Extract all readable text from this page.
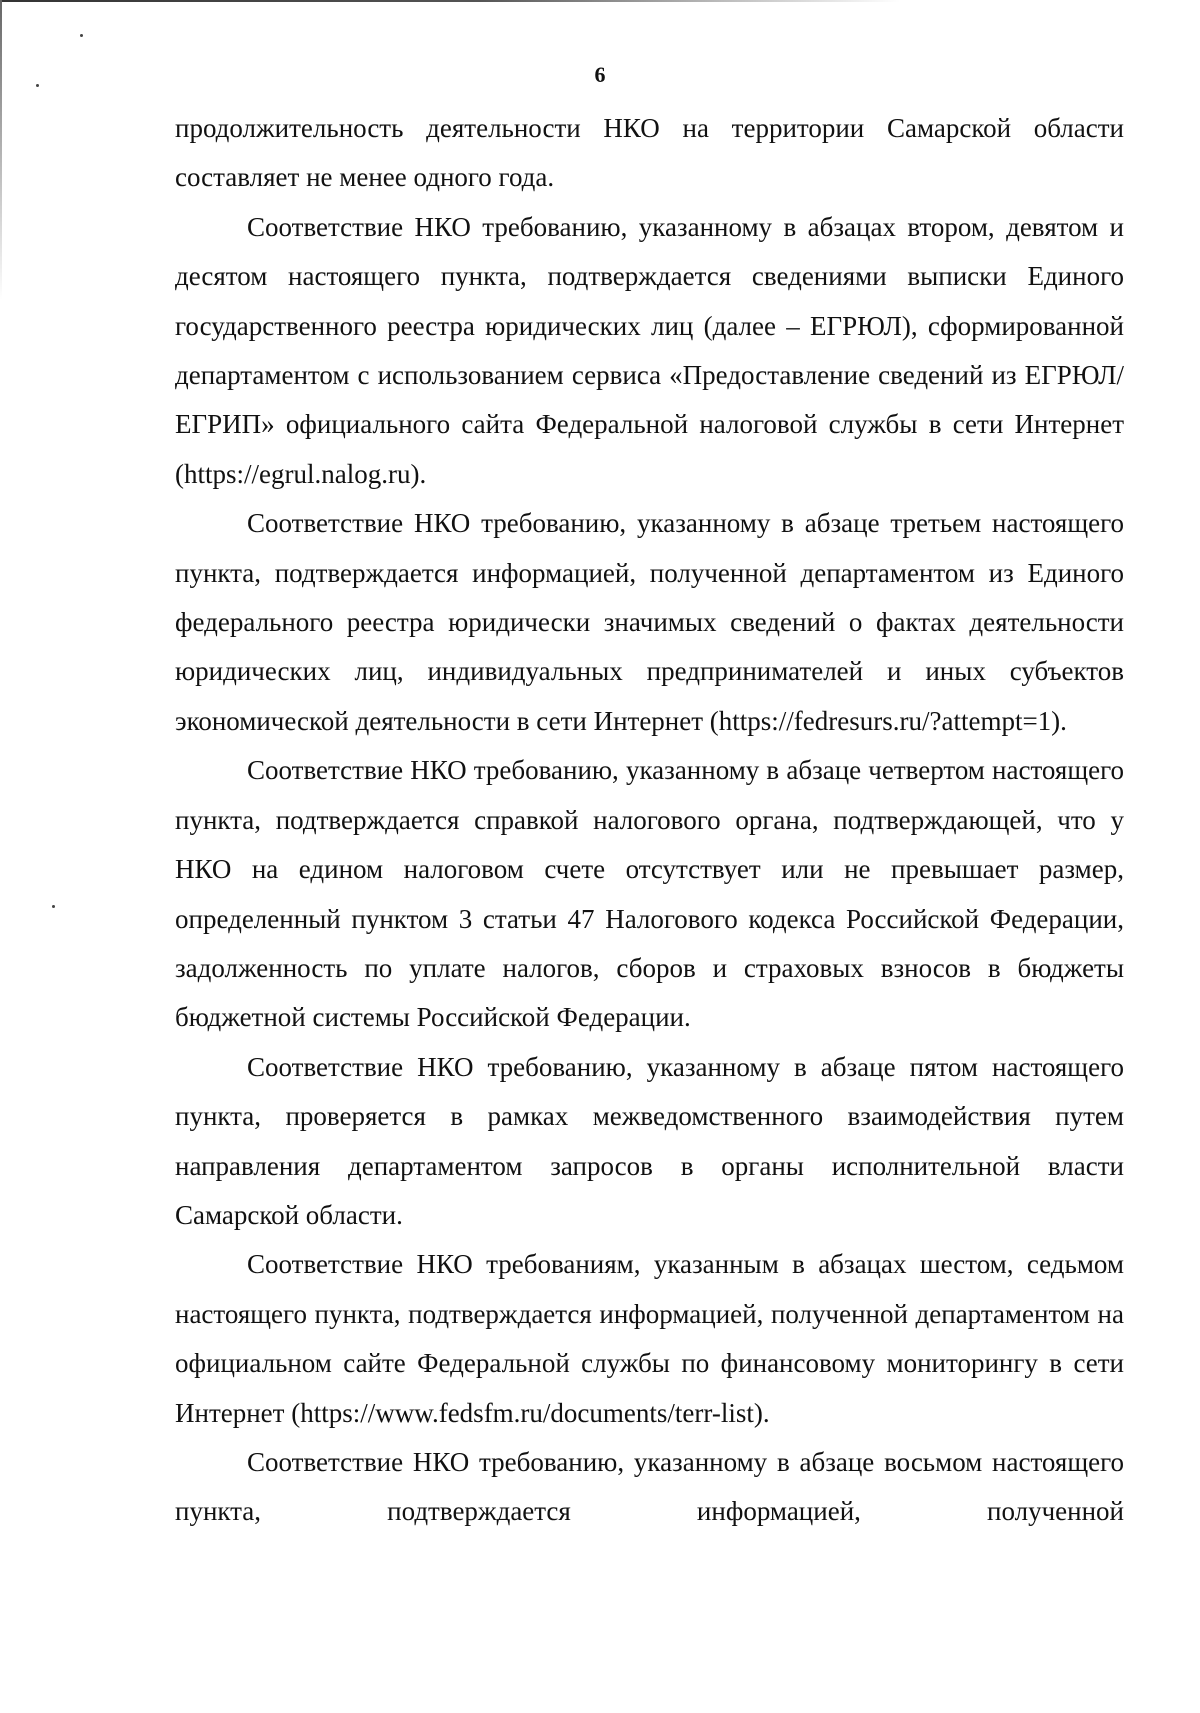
6

продолжительность деятельности НКО на территории Самарской области составляет не менее одного года.

Соответствие НКО требованию, указанному в абзацах втором, девятом и десятом настоящего пункта, подтверждается сведениями выписки Единого государственного реестра юридических лиц (далее – ЕГРЮЛ), сформированной департаментом с использованием сервиса «Предоставление сведений из ЕГРЮЛ/ЕГРИП» официального сайта Федеральной налоговой службы в сети Интернет (https://egrul.nalog.ru).

Соответствие НКО требованию, указанному в абзаце третьем настоящего пункта, подтверждается информацией, полученной департаментом из Единого федерального реестра юридически значимых сведений о фактах деятельности юридических лиц, индивидуальных предпринимателей и иных субъектов экономической деятельности в сети Интернет (https://fedresurs.ru/?attempt=1).

Соответствие НКО требованию, указанному в абзаце четвертом настоящего пункта, подтверждается справкой налогового органа, подтверждающей, что у НКО на едином налоговом счете отсутствует или не превышает размер, определенный пунктом 3 статьи 47 Налогового кодекса Российской Федерации, задолженность по уплате налогов, сборов и страховых взносов в бюджеты бюджетной системы Российской Федерации.

Соответствие НКО требованию, указанному в абзаце пятом настоящего пункта, проверяется в рамках межведомственного взаимодействия путем направления департаментом запросов в органы исполнительной власти Самарской области.

Соответствие НКО требованиям, указанным в абзацах шестом, седьмом настоящего пункта, подтверждается информацией, полученной департаментом на официальном сайте Федеральной службы по финансовому мониторингу в сети Интернет (https://www.fedsfm.ru/documents/terr-list).

Соответствие НКО требованию, указанному в абзаце восьмом настоящего пункта, подтверждается информацией, полученной
